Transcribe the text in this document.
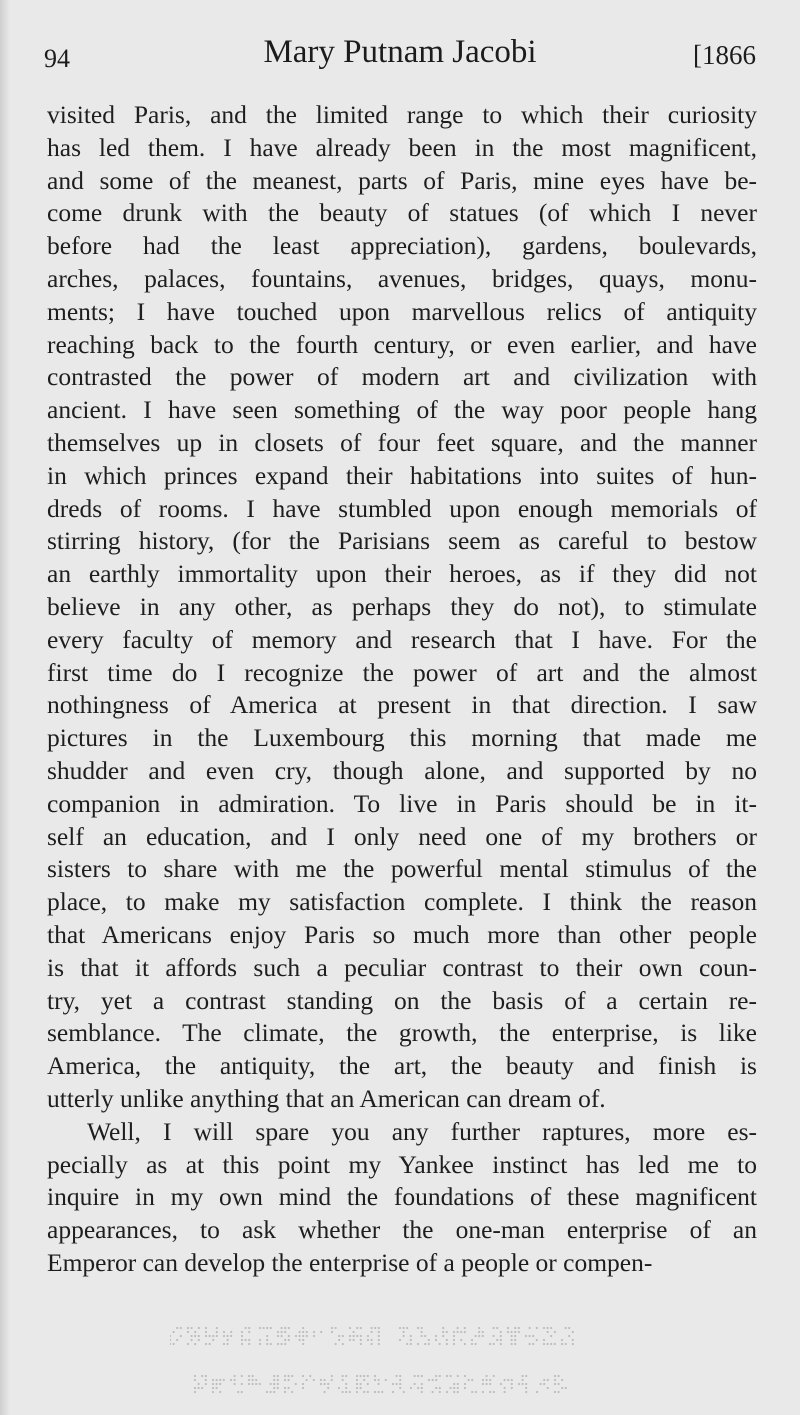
94	Mary Putnam Jacobi	[1866
visited Paris, and the limited range to which their curiosity
has led them. I have already been in the most magnificent,
and some of the meanest, parts of Paris, mine eyes have be-
come drunk with the beauty of statues (of which I never
before had the least appreciation), gardens, boulevards,
arches, palaces, fountains, avenues, bridges, quays, monu-
ments; I have touched upon marvellous relics of antiquity
reaching back to the fourth century, or even earlier, and have
contrasted the power of modern art and civilization with
ancient. I have seen something of the way poor people hang
themselves up in closets of four feet square, and the manner
in which princes expand their habitations into suites of hun-
dreds of rooms. I have stumbled upon enough memorials of
stirring history, (for the Parisians seem as careful to bestow
an earthly immortality upon their heroes, as if they did not
believe in any other, as perhaps they do not), to stimulate
every faculty of memory and research that I have. For the
first time do I recognize the power of art and the almost
nothingness of America at present in that direction. I saw
pictures in the Luxembourg this morning that made me
shudder and even cry, though alone, and supported by no
companion in admiration. To live in Paris should be in it-
self an education, and I only need one of my brothers or
sisters to share with me the powerful mental stimulus of the
place, to make my satisfaction complete. I think the reason
that Americans enjoy Paris so much more than other people
is that it affords such a peculiar contrast to their own coun-
try, yet a contrast standing on the basis of a certain re-
semblance. The climate, the growth, the enterprise, is like
America, the antiquity, the art, the beauty and finish is
utterly unlike anything that an American can dream of.
Well, I will spare you any further raptures, more es-
pecially as at this point my Yankee instinct has led me to
inquire in my own mind the foundations of these magnificent
appearances, to ask whether the one-man enterprise of an
Emperor can develop the enterprise of a people or compen-
